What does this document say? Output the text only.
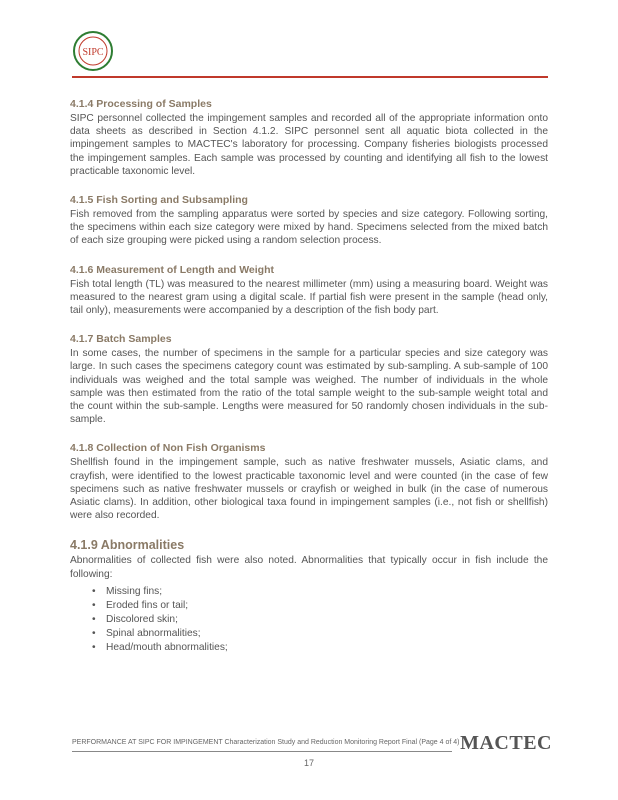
SIPC
4.1.4 Processing of Samples

SIPC personnel collected the impingement samples and recorded all of the appropriate information onto data sheets as described in Section 4.1.2. SIPC personnel sent all aquatic biota collected in the impingement samples to MACTEC's laboratory for processing. Company fisheries biologists processed the impingement samples. Each sample was processed by counting and identifying all fish to the lowest practicable taxonomic level.

4.1.5 Fish Sorting and Subsampling

Fish removed from the sampling apparatus were sorted by species and size category. Following sorting, the specimens within each size category were mixed by hand. Specimens selected from the mixed batch of each size grouping were picked using a random selection process.

4.1.6 Measurement of Length and Weight

Fish total length (TL) was measured to the nearest millimeter (mm) using a measuring board. Weight was measured to the nearest gram using a digital scale. If partial fish were present in the sample (head only, tail only), measurements were accompanied by a description of the fish body part.

4.1.7 Batch Samples

In some cases, the number of specimens in the sample for a particular species and size category was large. In such cases the specimens category count was estimated by sub-sampling. A sub-sample of 100 individuals was weighed and the total sample was weighed. The number of individuals in the whole sample was then estimated from the ratio of the total sample weight to the sub-sample weight total and the count within the sub-sample. Lengths were measured for 50 randomly chosen individuals in the sub-sample.

4.1.8 Collection of Non Fish Organisms

Shellfish found in the impingement sample, such as native freshwater mussels, Asiatic clams, and crayfish, were identified to the lowest practicable taxonomic level and were counted (in the case of few specimens such as native freshwater mussels or crayfish or weighed in bulk (in the case of numerous Asiatic clams). In addition, other biological taxa found in impingement samples (i.e., not fish or shellfish) were also recorded.

4.1.9 Abnormalities

Abnormalities of collected fish were also noted. Abnormalities that typically occur in fish include the following:

• Missing fins;
• Eroded fins or tail;
• Discolored skin;
• Spinal abnormalities;
• Head/mouth abnormalities;
PERFORMANCE AT SIPC FOR IMPINGEMENT Characterization Study and Reduction Monitoring Report Final (Page 4 of 4) MACTEC
17
